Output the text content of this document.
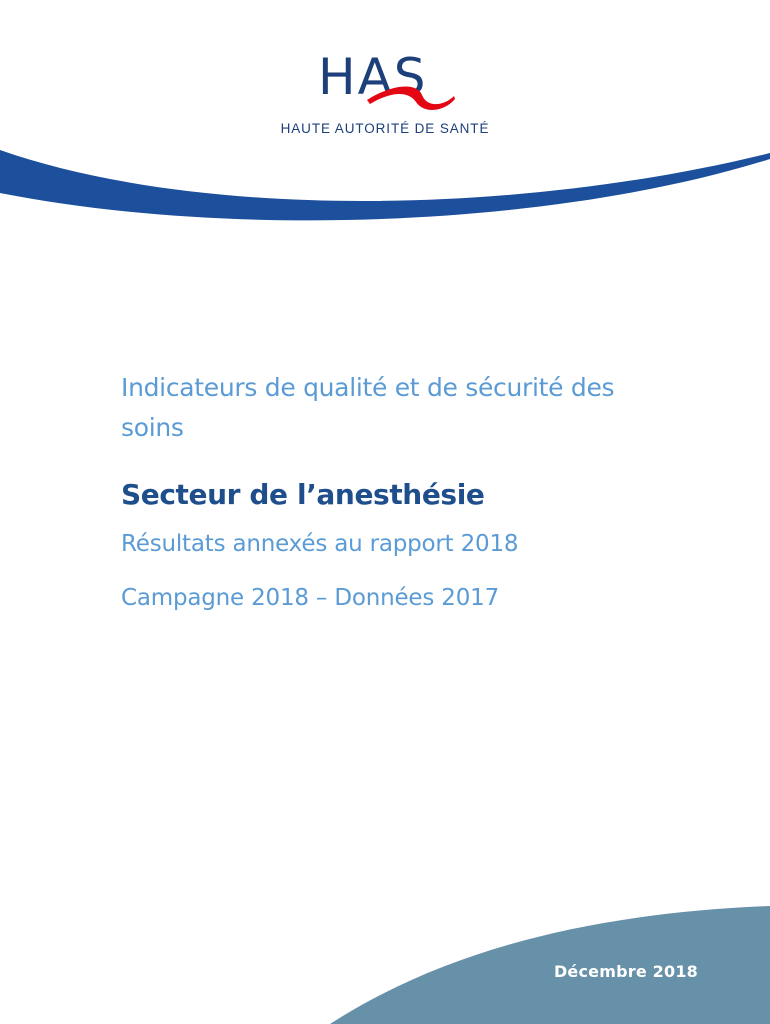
HAS
HAUTE AUTORITÉ DE SANTÉ
Indicateurs de qualité et de sécurité des soins
Secteur de l’anesthésie

Résultats annexés au rapport 2018

Campagne 2018 – Données 2017

Décembre 2018
